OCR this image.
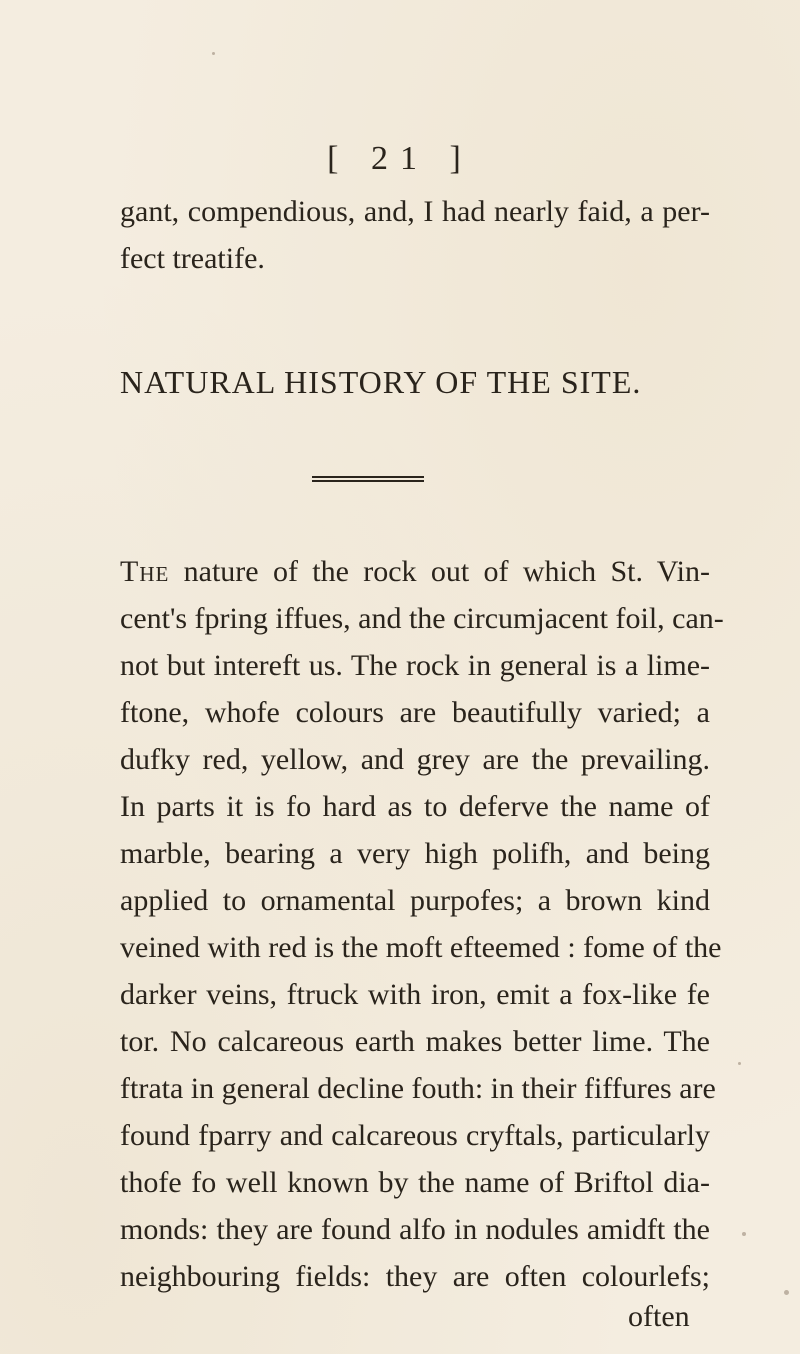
[ 21 ]
gant, compendious, and, I had nearly faid, a per-
fect treatife.
NATURAL HISTORY OF THE SITE.
The nature of the rock out of which St. Vin-
cent's fpring iffues, and the circumjacent foil, can-
not but intereft us. The rock in general is a lime-
ftone, whofe colours are beautifully varied; a
dufky red, yellow, and grey are the prevailing.
In parts it is fo hard as to deferve the name of
marble, bearing a very high polifh, and being
applied to ornamental purpofes; a brown kind
veined with red is the moft efteemed : fome of the
darker veins, ftruck with iron, emit a fox-like fe
tor. No calcareous earth makes better lime. The
ftrata in general decline fouth: in their fiffures are
found fparry and calcareous cryftals, particularly
thofe fo well known by the name of Briftol dia-
monds: they are found alfo in nodules amidft the
neighbouring fields: they are often colourlefs;
often
